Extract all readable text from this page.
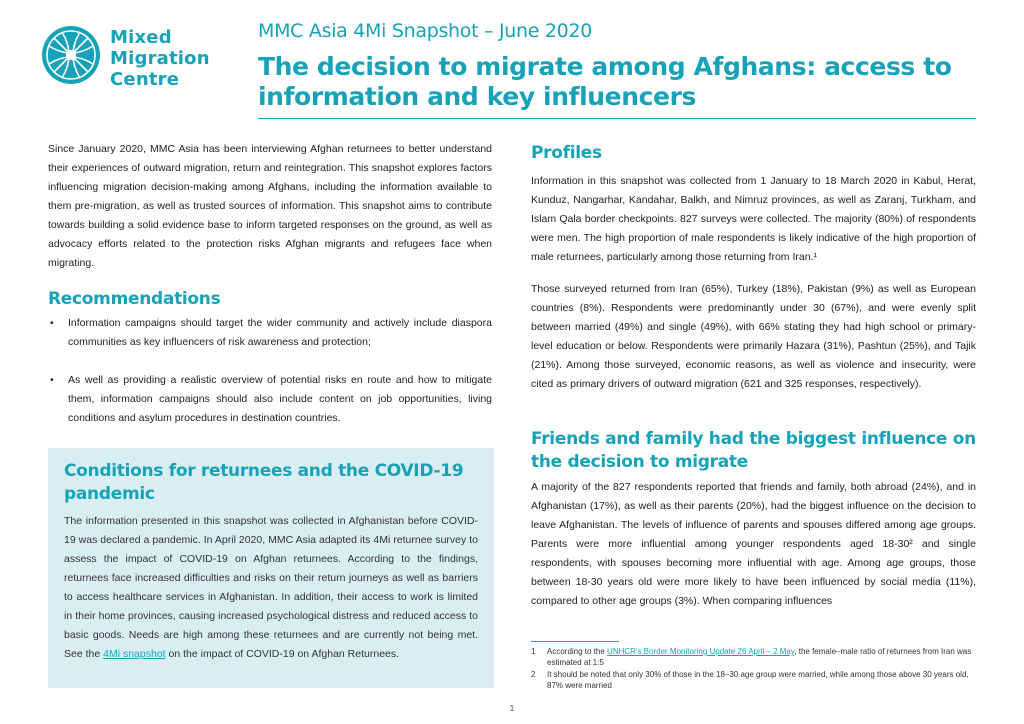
Mixed
Migration
Centre
MMC Asia 4Mi Snapshot – June 2020
The decision to migrate among Afghans: access to information and key influencers

Since January 2020, MMC Asia has been interviewing Afghan returnees to better understand their experiences of outward migration, return and reintegration. This snapshot explores factors influencing migration decision-making among Afghans, including the information available to them pre-migration, as well as trusted sources of information. This snapshot aims to contribute towards building a solid evidence base to inform targeted responses on the ground, as well as advocacy efforts related to the protection risks Afghan migrants and refugees face when migrating.

Recommendations
• Information campaigns should target the wider community and actively include diaspora communities as key influencers of risk awareness and protection;
• As well as providing a realistic overview of potential risks en route and how to mitigate them, information campaigns should also include content on job opportunities, living conditions and asylum procedures in destination countries.
Conditions for returnees and the COVID-19 pandemic

The information presented in this snapshot was collected in Afghanistan before COVID-19 was declared a pandemic. In April 2020, MMC Asia adapted its 4Mi returnee survey to assess the impact of COVID-19 on Afghan returnees. According to the findings, returnees face increased difficulties and risks on their return journeys as well as barriers to access healthcare services in Afghanistan. In addition, their access to work is limited in their home provinces, causing increased psychological distress and reduced access to basic goods. Needs are high among these returnees and are currently not being met. See the 4Mi snapshot on the impact of COVID-19 on Afghan Returnees.

Profiles

Information in this snapshot was collected from 1 January to 18 March 2020 in Kabul, Herat, Kunduz, Nangarhar, Kandahar, Balkh, and Nimruz provinces, as well as Zaranj, Turkham, and Islam Qala border checkpoints. 827 surveys were collected. The majority (80%) of respondents were men. The high proportion of male respondents is likely indicative of the high proportion of male returnees, particularly among those returning from Iran.¹

Those surveyed returned from Iran (65%), Turkey (18%), Pakistan (9%) as well as European countries (8%). Respondents were predominantly under 30 (67%), and were evenly split between married (49%) and single (49%), with 66% stating they had high school or primary-level education or below. Respondents were primarily Hazara (31%), Pashtun (25%), and Tajik (21%). Among those surveyed, economic reasons, as well as violence and insecurity, were cited as primary drivers of outward migration (621 and 325 responses, respectively).

Friends and family had the biggest influence on the decision to migrate

A majority of the 827 respondents reported that friends and family, both abroad (24%), and in Afghanistan (17%), as well as their parents (20%), had the biggest influence on the decision to leave Afghanistan. The levels of influence of parents and spouses differed among age groups. Parents were more influential among younger respondents aged 18-30² and single respondents, with spouses becoming more influential with age. Among age groups, those between 18-30 years old were more likely to have been influenced by social media (11%), compared to other age groups (3%). When comparing influences

1 According to the UNHCR's Border Monitoring Update 26 April – 2 May, the female–male ratio of returnees from Iran was estimated at 1:5
2 It should be noted that only 30% of those in the 18–30 age group were married, while among those above 30 years old, 87% were married
1
